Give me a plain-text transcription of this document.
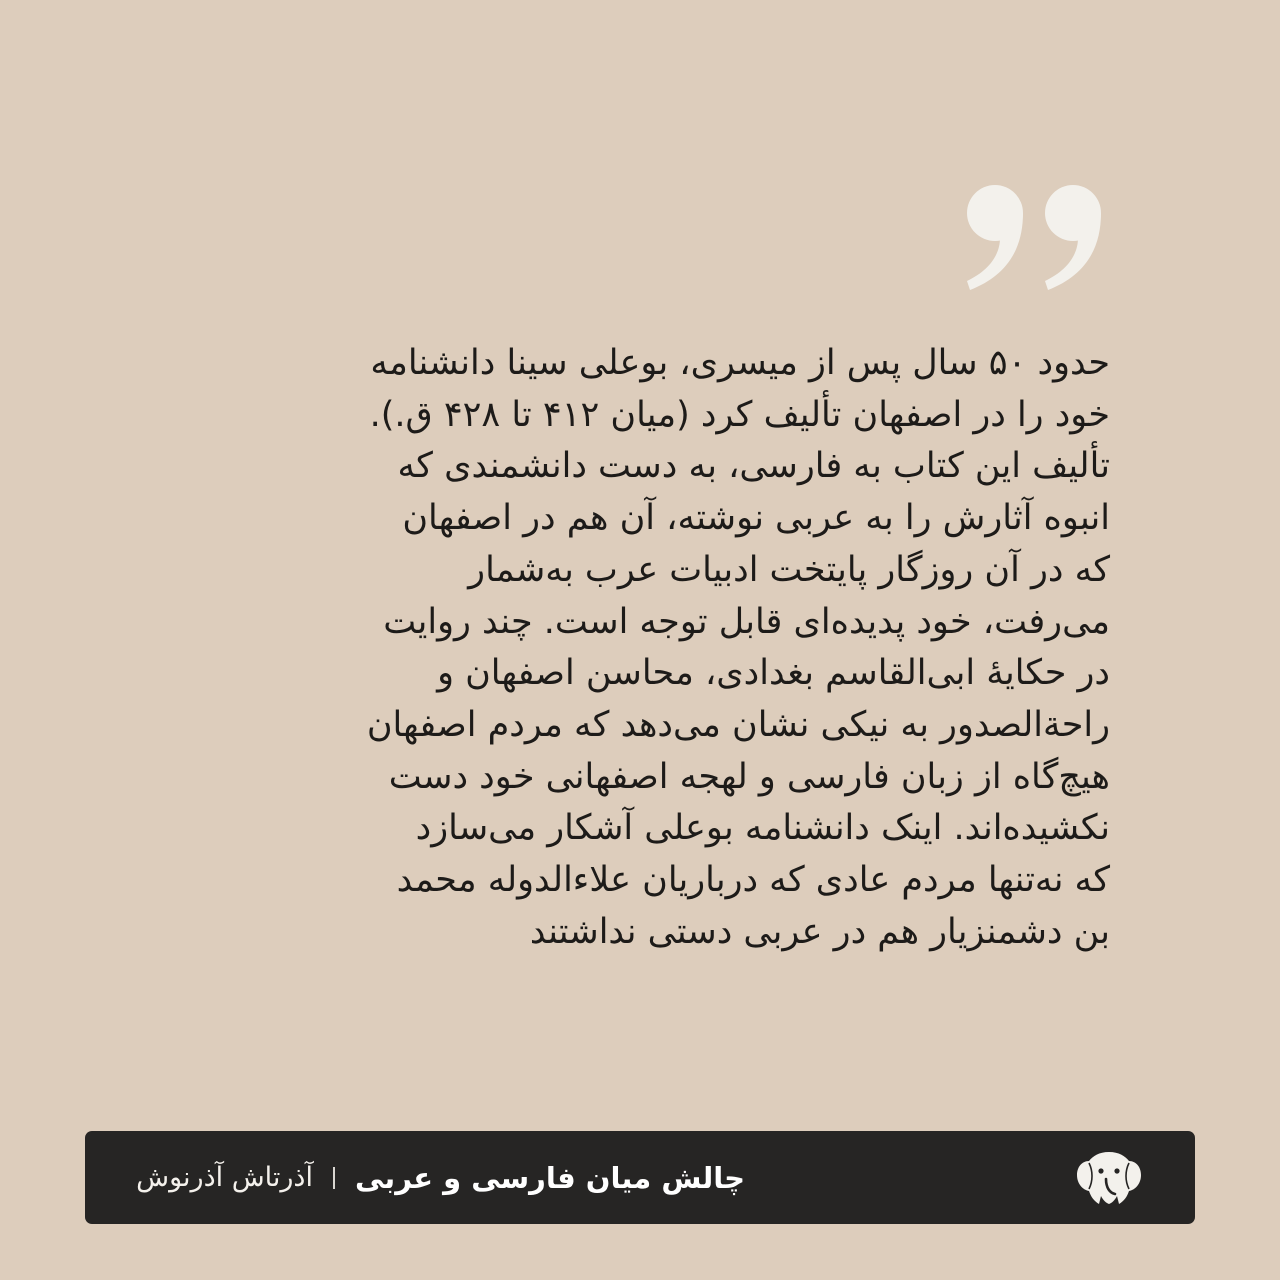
حدود ۵۰ سال پس از میسری، بوعلی سینا دانشنامه
خود را در اصفهان تألیف کرد (میان ۴۱۲ تا ۴۲۸ ق.).
تألیف این کتاب به فارسی، به دست دانشمندی که
انبوه آثارش را به عربی نوشته، آن هم در اصفهان
که در آن روزگار پایتخت ادبیات عرب به‌شمار
می‌رفت، خود پدیده‌ای قابل توجه است. چند روایت
در حکایهٔ ابی‌القاسم بغدادی، محاسن اصفهان و
راحة‌الصدور به نیکی نشان می‌دهد که مردم اصفهان
هیچ‌گاه از زبان فارسی و لهجه اصفهانی خود دست
نکشیده‌اند. اینک دانشنامه بوعلی آشکار می‌سازد
که نه‌تنها مردم عادی که درباریان علاءالدوله محمد
بن دشمنزیار هم در عربی دستی نداشتند
چالش میان فارسی و عربی
آذرتاش آذرنوش
